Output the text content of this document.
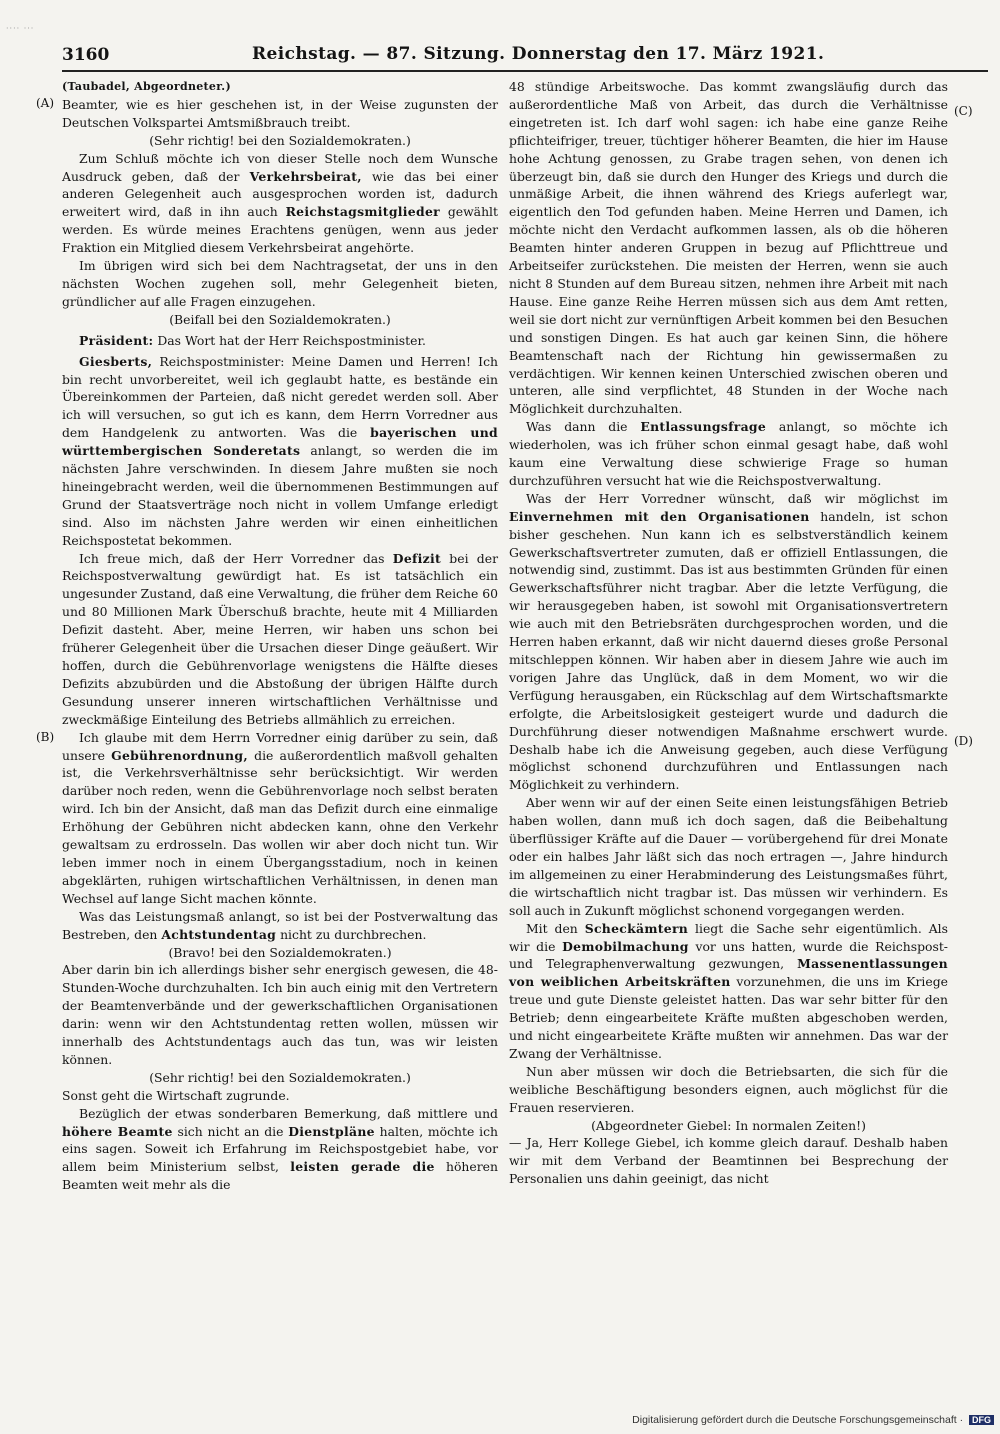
···· ···
3160	Reichstag. — 87. Sitzung. Donnerstag den 17. März 1921.
(A)
(B)
(C)
(D)

(Taubadel, Abgeordneter.)

Beamter, wie es hier geschehen ist, in der Weise zugunsten der Deutschen Volkspartei Amtsmißbrauch treibt.

(Sehr richtig! bei den Sozialdemokraten.)

Zum Schluß möchte ich von dieser Stelle noch dem Wunsche Ausdruck geben, daß der Verkehrsbeirat, wie das bei einer anderen Gelegenheit auch ausgesprochen worden ist, dadurch erweitert wird, daß in ihn auch Reichstagsmitglieder gewählt werden. Es würde meines Erachtens genügen, wenn aus jeder Fraktion ein Mitglied diesem Verkehrsbeirat angehörte.

Im übrigen wird sich bei dem Nachtragsetat, der uns in den nächsten Wochen zugehen soll, mehr Gelegenheit bieten, gründlicher auf alle Fragen einzugehen.

(Beifall bei den Sozialdemokraten.)

Präsident: Das Wort hat der Herr Reichspostminister.

Giesberts, Reichspostminister: Meine Damen und Herren! Ich bin recht unvorbereitet, weil ich geglaubt hatte, es bestände ein Übereinkommen der Parteien, daß nicht geredet werden soll. Aber ich will versuchen, so gut ich es kann, dem Herrn Vorredner aus dem Handgelenk zu antworten. Was die bayerischen und württembergischen Sonderetats anlangt, so werden die im nächsten Jahre verschwinden. In diesem Jahre mußten sie noch hineingebracht werden, weil die übernommenen Bestimmungen auf Grund der Staatsverträge noch nicht in vollem Umfange erledigt sind. Also im nächsten Jahre werden wir einen einheitlichen Reichspostetat bekommen.

Ich freue mich, daß der Herr Vorredner das Defizit bei der Reichspostverwaltung gewürdigt hat. Es ist tatsächlich ein ungesunder Zustand, daß eine Verwaltung, die früher dem Reiche 60 und 80 Millionen Mark Überschuß brachte, heute mit 4 Milliarden Defizit dasteht. Aber, meine Herren, wir haben uns schon bei früherer Gelegenheit über die Ursachen dieser Dinge geäußert. Wir hoffen, durch die Gebührenvorlage wenigstens die Hälfte dieses Defizits abzubürden und die Abstoßung der übrigen Hälfte durch Gesundung unserer inneren wirtschaftlichen Verhältnisse und zweckmäßige Einteilung des Betriebs allmählich zu erreichen.

Ich glaube mit dem Herrn Vorredner einig darüber zu sein, daß unsere Gebührenordnung, die außerordentlich maßvoll gehalten ist, die Verkehrsverhältnisse sehr berücksichtigt. Wir werden darüber noch reden, wenn die Gebührenvorlage noch selbst beraten wird. Ich bin der Ansicht, daß man das Defizit durch eine einmalige Erhöhung der Gebühren nicht abdecken kann, ohne den Verkehr gewaltsam zu erdrosseln. Das wollen wir aber doch nicht tun. Wir leben immer noch in einem Übergangsstadium, noch in keinen abgeklärten, ruhigen wirtschaftlichen Verhältnissen, in denen man Wechsel auf lange Sicht machen könnte.

Was das Leistungsmaß anlangt, so ist bei der Postverwaltung das Bestreben, den Achtstundentag nicht zu durchbrechen.

(Bravo! bei den Sozialdemokraten.)

Aber darin bin ich allerdings bisher sehr energisch gewesen, die 48-Stunden-Woche durchzuhalten. Ich bin auch einig mit den Vertretern der Beamtenverbände und der gewerkschaftlichen Organisationen darin: wenn wir den Achtstundentag retten wollen, müssen wir innerhalb des Achtstundentags auch das tun, was wir leisten können.

(Sehr richtig! bei den Sozialdemokraten.)

Sonst geht die Wirtschaft zugrunde.

Bezüglich der etwas sonderbaren Bemerkung, daß mittlere und höhere Beamte sich nicht an die Dienstpläne halten, möchte ich eins sagen. Soweit ich Erfahrung im Reichspostgebiet habe, vor allem beim Ministerium selbst, leisten gerade die höheren Beamten weit mehr als die

48 stündige Arbeitswoche. Das kommt zwangsläufig durch das außerordentliche Maß von Arbeit, das durch die Verhältnisse eingetreten ist. Ich darf wohl sagen: ich habe eine ganze Reihe pflichteifriger, treuer, tüchtiger höherer Beamten, die hier im Hause hohe Achtung genossen, zu Grabe tragen sehen, von denen ich überzeugt bin, daß sie durch den Hunger des Kriegs und durch die unmäßige Arbeit, die ihnen während des Kriegs auferlegt war, eigentlich den Tod gefunden haben. Meine Herren und Damen, ich möchte nicht den Verdacht aufkommen lassen, als ob die höheren Beamten hinter anderen Gruppen in bezug auf Pflichttreue und Arbeitseifer zurückstehen. Die meisten der Herren, wenn sie auch nicht 8 Stunden auf dem Bureau sitzen, nehmen ihre Arbeit mit nach Hause. Eine ganze Reihe Herren müssen sich aus dem Amt retten, weil sie dort nicht zur vernünftigen Arbeit kommen bei den Besuchen und sonstigen Dingen. Es hat auch gar keinen Sinn, die höhere Beamtenschaft nach der Richtung hin gewissermaßen zu verdächtigen. Wir kennen keinen Unterschied zwischen oberen und unteren, alle sind verpflichtet, 48 Stunden in der Woche nach Möglichkeit durchzuhalten.

Was dann die Entlassungsfrage anlangt, so möchte ich wiederholen, was ich früher schon einmal gesagt habe, daß wohl kaum eine Verwaltung diese schwierige Frage so human durchzuführen versucht hat wie die Reichspostverwaltung.

Was der Herr Vorredner wünscht, daß wir möglichst im Einvernehmen mit den Organisationen handeln, ist schon bisher geschehen. Nun kann ich es selbstverständlich keinem Gewerkschaftsvertreter zumuten, daß er offiziell Entlassungen, die notwendig sind, zustimmt. Das ist aus bestimmten Gründen für einen Gewerkschaftsführer nicht tragbar. Aber die letzte Verfügung, die wir herausgegeben haben, ist sowohl mit Organisationsvertretern wie auch mit den Betriebsräten durchgesprochen worden, und die Herren haben erkannt, daß wir nicht dauernd dieses große Personal mitschleppen können. Wir haben aber in diesem Jahre wie auch im vorigen Jahre das Unglück, daß in dem Moment, wo wir die Verfügung herausgaben, ein Rückschlag auf dem Wirtschaftsmarkte erfolgte, die Arbeitslosigkeit gesteigert wurde und dadurch die Durchführung dieser notwendigen Maßnahme erschwert wurde. Deshalb habe ich die Anweisung gegeben, auch diese Verfügung möglichst schonend durchzuführen und Entlassungen nach Möglichkeit zu verhindern.

Aber wenn wir auf der einen Seite einen leistungsfähigen Betrieb haben wollen, dann muß ich doch sagen, daß die Beibehaltung überflüssiger Kräfte auf die Dauer — vorübergehend für drei Monate oder ein halbes Jahr läßt sich das noch ertragen —, Jahre hindurch im allgemeinen zu einer Herabminderung des Leistungsmaßes führt, die wirtschaftlich nicht tragbar ist. Das müssen wir verhindern. Es soll auch in Zukunft möglichst schonend vorgegangen werden.

Mit den Scheckämtern liegt die Sache sehr eigentümlich. Als wir die Demobilmachung vor uns hatten, wurde die Reichspost- und Telegraphenverwaltung gezwungen, Massenentlassungen von weiblichen Arbeitskräften vorzunehmen, die uns im Kriege treue und gute Dienste geleistet hatten. Das war sehr bitter für den Betrieb; denn eingearbeitete Kräfte mußten abgeschoben werden, und nicht eingearbeitete Kräfte mußten wir annehmen. Das war der Zwang der Verhältnisse.

Nun aber müssen wir doch die Betriebsarten, die sich für die weibliche Beschäftigung besonders eignen, auch möglichst für die Frauen reservieren.

(Abgeordneter Giebel: In normalen Zeiten!)

— Ja, Herr Kollege Giebel, ich komme gleich darauf. Deshalb haben wir mit dem Verband der Beamtinnen bei Besprechung der Personalien uns dahin geeinigt, das nicht

Digitalisierung gefördert durch die Deutsche Forschungsgemeinschaft · DFG
